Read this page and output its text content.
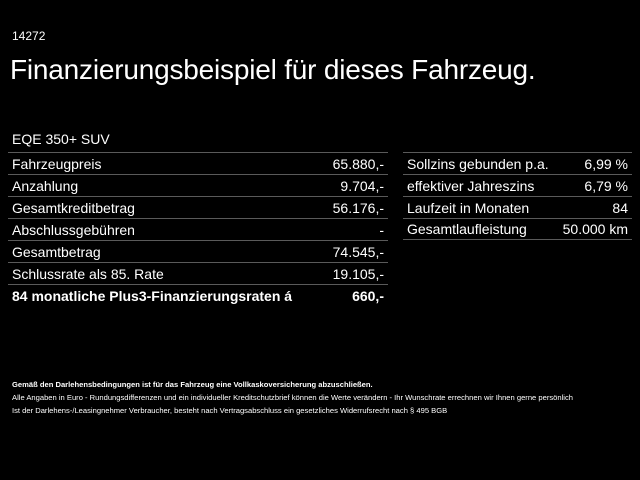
14272
Finanzierungsbeispiel für dieses Fahrzeug.
EQE 350+ SUV
Fahrzeugpreis	65.880,-
Anzahlung	9.704,-
Gesamtkreditbetrag	56.176,-
Abschlussgebühren	-
Gesamtbetrag	74.545,-
Schlussrate als 85. Rate	19.105,-
84 monatliche Plus3-Finanzierungsraten á	660,-
Sollzins gebunden p.a.	6,99 %
effektiver Jahreszins	6,79 %
Laufzeit in Monaten	84
Gesamtlaufleistung	50.000 km
Gemäß den Darlehensbedingungen ist für das Fahrzeug eine Vollkaskoversicherung abzuschließen.
Alle Angaben in Euro - Rundungsdifferenzen und ein individueller Kreditschutzbrief können die Werte verändern - Ihr Wunschrate errechnen wir Ihnen gerne persönlich
Ist der Darlehens-/Leasingnehmer Verbraucher, besteht nach Vertragsabschluss ein gesetzliches Widerrufsrecht nach § 495 BGB
